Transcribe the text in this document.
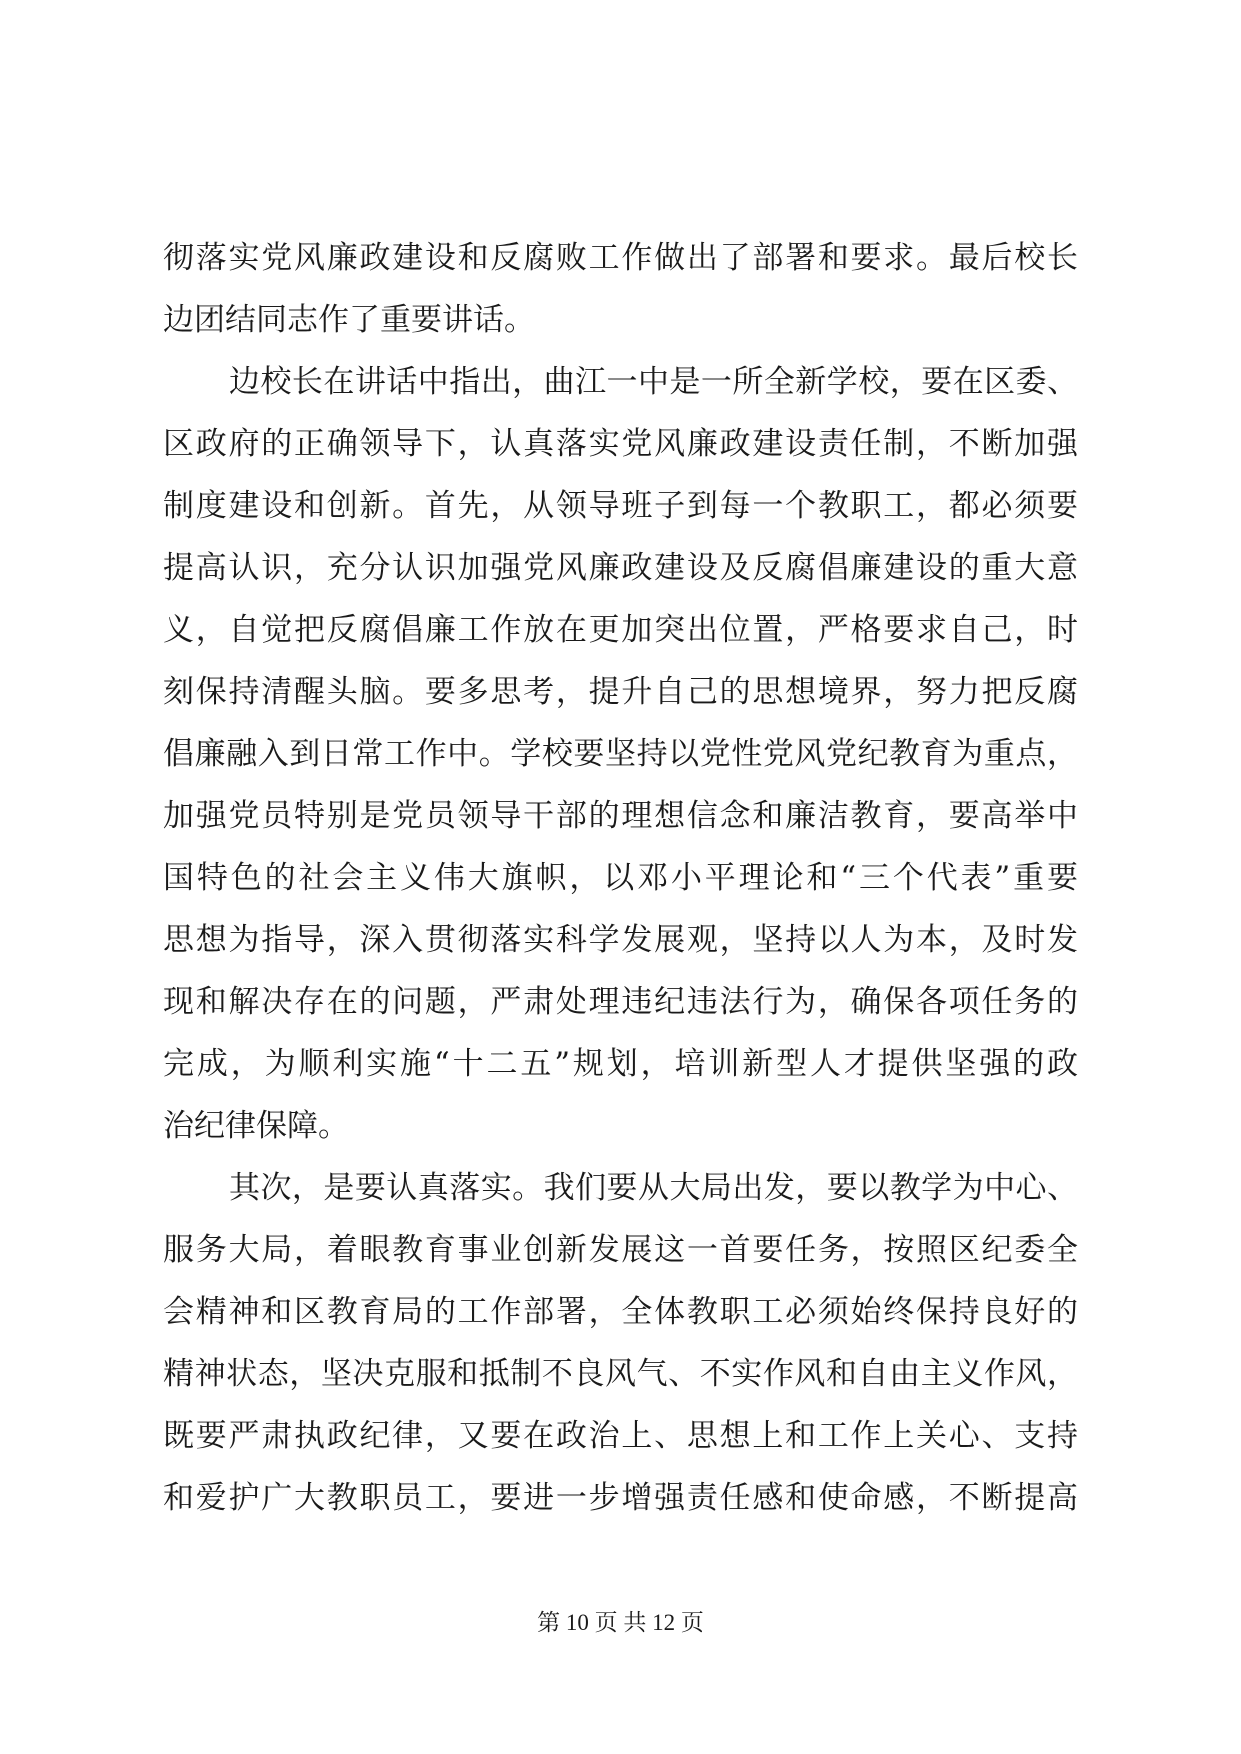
彻落实党风廉政建设和反腐败工作做出了部署和要求。最后校长
边团结同志作了重要讲话。
边校长在讲话中指出，曲江一中是一所全新学校，要在区委、
区政府的正确领导下，认真落实党风廉政建设责任制，不断加强
制度建设和创新。首先，从领导班子到每一个教职工，都必须要
提高认识，充分认识加强党风廉政建设及反腐倡廉建设的重大意
义，自觉把反腐倡廉工作放在更加突出位置，严格要求自己，时
刻保持清醒头脑。要多思考，提升自己的思想境界，努力把反腐
倡廉融入到日常工作中。学校要坚持以党性党风党纪教育为重点，
加强党员特别是党员领导干部的理想信念和廉洁教育，要高举中
国特色的社会主义伟大旗帜，以邓小平理论和“三个代表”重要
思想为指导，深入贯彻落实科学发展观，坚持以人为本，及时发
现和解决存在的问题，严肃处理违纪违法行为，确保各项任务的
完成，为顺利实施“十二五”规划，培训新型人才提供坚强的政
治纪律保障。
其次，是要认真落实。我们要从大局出发，要以教学为中心、
服务大局，着眼教育事业创新发展这一首要任务，按照区纪委全
会精神和区教育局的工作部署，全体教职工必须始终保持良好的
精神状态，坚决克服和抵制不良风气、不实作风和自由主义作风，
既要严肃执政纪律，又要在政治上、思想上和工作上关心、支持
和爱护广大教职员工，要进一步增强责任感和使命感，不断提高
第 10 页 共 12 页
